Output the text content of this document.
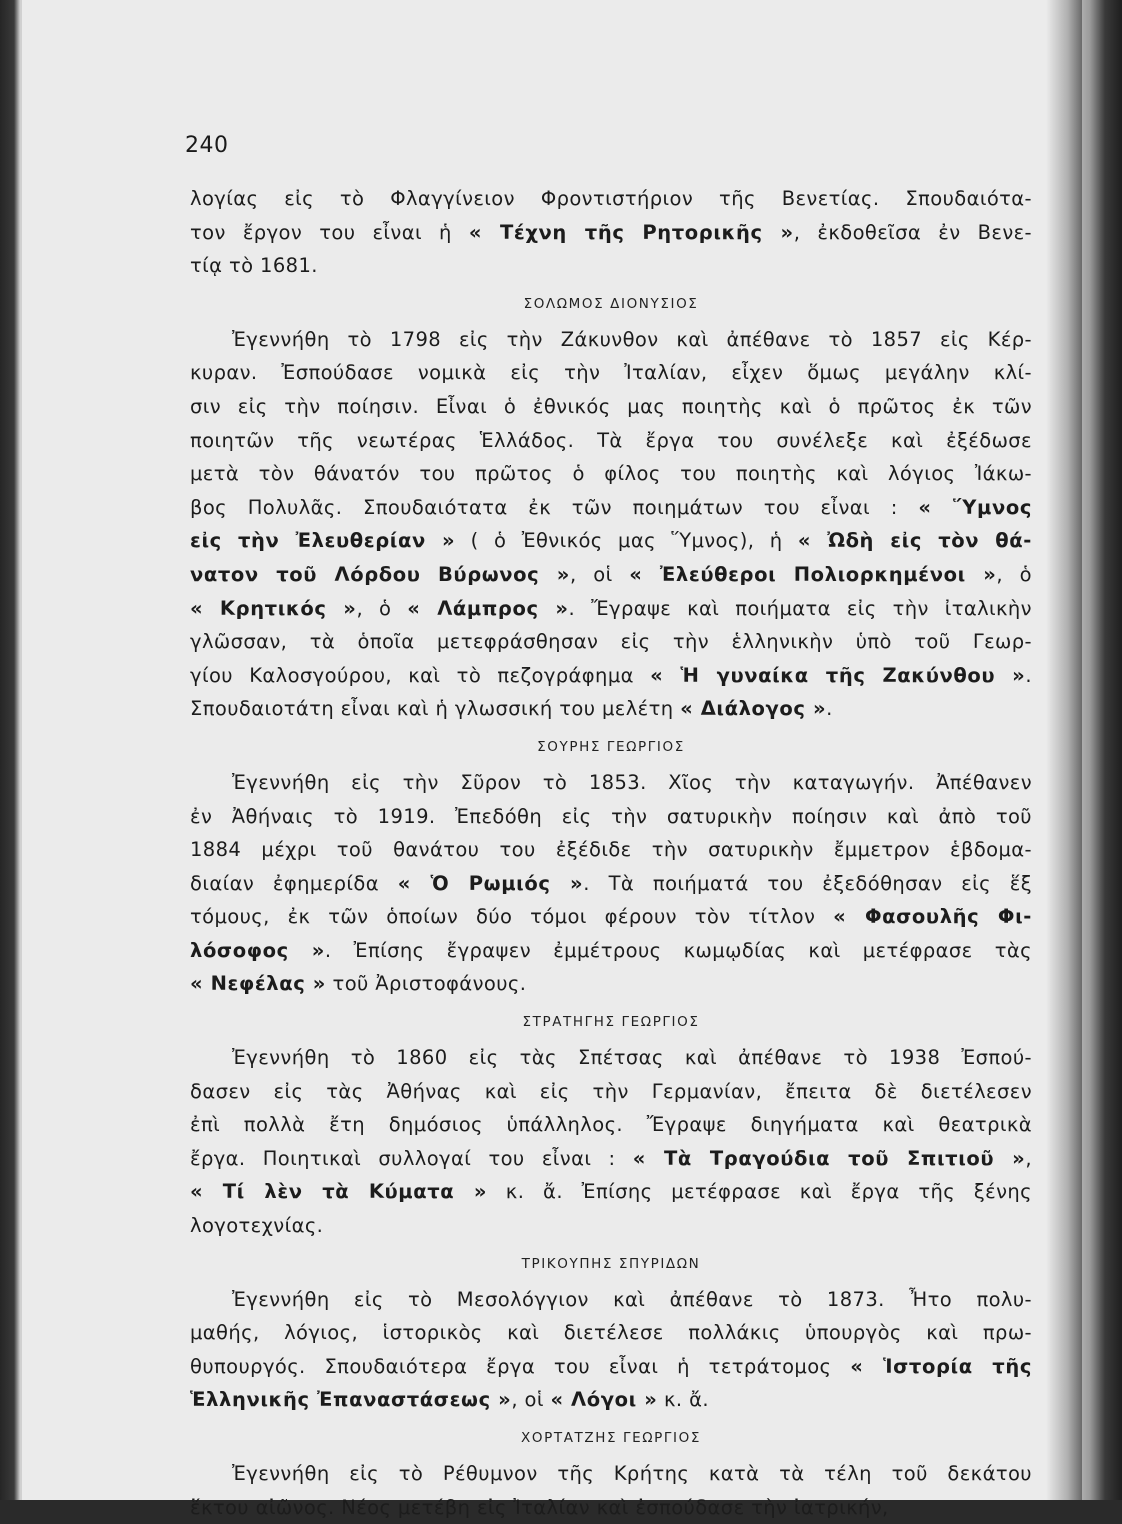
240
λογίας εἰς τὸ Φλαγγίνειον Φροντιστήριον τῆς Βενετίας. Σπουδαιότα-
τον ἔργον του εἶναι ἡ « Τέχνη τῆς Ρητορικῆς », ἐκδοθεῖσα ἐν Βενε-
τίᾳ τὸ 1681.
ΣΟΛΩΜΟΣ ΔΙΟΝΥΣΙΟΣ
Ἐγεννήθη τὸ 1798 εἰς τὴν Ζάκυνθον καὶ ἀπέθανε τὸ 1857 εἰς Κέρ-
κυραν. Ἐσπούδασε νομικὰ εἰς τὴν Ἰταλίαν, εἶχεν ὅμως μεγάλην κλί-
σιν εἰς τὴν ποίησιν. Εἶναι ὁ ἐθνικός μας ποιητὴς καὶ ὁ πρῶτος ἐκ τῶν
ποιητῶν τῆς νεωτέρας Ἑλλάδος. Τὰ ἔργα του συνέλεξε καὶ ἐξέδωσε
μετὰ τὸν θάνατόν του πρῶτος ὁ φίλος του ποιητὴς καὶ λόγιος Ἰάκω-
βος Πολυλᾶς. Σπουδαιότατα ἐκ τῶν ποιημάτων του εἶναι : « Ὕμνος
εἰς τὴν Ἐλευθερίαν » ( ὁ Ἐθνικός μας Ὕμνος), ἡ « Ὠδὴ εἰς τὸν θά-
νατον τοῦ Λόρδου Βύρωνος », οἱ « Ἐλεύθεροι Πολιορκημένοι », ὁ
« Κρητικός », ὁ « Λάμπρος ». Ἔγραψε καὶ ποιήματα εἰς τὴν ἰταλικὴν
γλῶσσαν, τὰ ὁποῖα μετεφράσθησαν εἰς τὴν ἑλληνικὴν ὑπὸ τοῦ Γεωρ-
γίου Καλοσγούρου, καὶ τὸ πεζογράφημα « Ἡ γυναίκα τῆς Ζακύνθου ».
Σπουδαιοτάτη εἶναι καὶ ἡ γλωσσική του μελέτη « Διάλογος ».
ΣΟΥΡΗΣ ΓΕΩΡΓΙΟΣ
Ἐγεννήθη εἰς τὴν Σῦρον τὸ 1853. Χῖος τὴν καταγωγήν. Ἀπέθανεν
ἐν Ἀθήναις τὸ 1919. Ἐπεδόθη εἰς τὴν σατυρικὴν ποίησιν καὶ ἀπὸ τοῦ
1884 μέχρι τοῦ θανάτου του ἐξέδιδε τὴν σατυρικὴν ἔμμετρον ἑβδομα-
διαίαν ἐφημερίδα « Ὁ Ρωμιός ». Τὰ ποιήματά του ἐξεδόθησαν εἰς ἕξ
τόμους, ἐκ τῶν ὁποίων δύο τόμοι φέρουν τὸν τίτλον « Φασουλῆς Φι-
λόσοφος ». Ἐπίσης ἔγραψεν ἐμμέτρους κωμῳδίας καὶ μετέφρασε τὰς
« Νεφέλας » τοῦ Ἀριστοφάνους.
ΣΤΡΑΤΗΓΗΣ ΓΕΩΡΓΙΟΣ
Ἐγεννήθη τὸ 1860 εἰς τὰς Σπέτσας καὶ ἀπέθανε τὸ 1938 Ἐσπού-
δασεν εἰς τὰς Ἀθήνας καὶ εἰς τὴν Γερμανίαν, ἔπειτα δὲ διετέλεσεν
ἐπὶ πολλὰ ἔτη δημόσιος ὑπάλληλος. Ἔγραψε διηγήματα καὶ θεατρικὰ
ἔργα. Ποιητικαὶ συλλογαί του εἶναι : « Τὰ Τραγούδια τοῦ Σπιτιοῦ »,
« Τί λὲν τὰ Κύματα » κ. ἄ. Ἐπίσης μετέφρασε καὶ ἔργα τῆς ξένης
λογοτεχνίας.
ΤΡΙΚΟΥΠΗΣ ΣΠΥΡΙΔΩΝ
Ἐγεννήθη εἰς τὸ Μεσολόγγιον καὶ ἀπέθανε τὸ 1873. Ἦτο πολυ-
μαθής, λόγιος, ἱστορικὸς καὶ διετέλεσε πολλάκις ὑπουργὸς καὶ πρω-
θυπουργός. Σπουδαιότερα ἔργα του εἶναι ἡ τετράτομος « Ἱστορία τῆς
Ἑλληνικῆς Ἐπαναστάσεως », οἱ « Λόγοι » κ. ἄ.
ΧΟΡΤΑΤΖΗΣ ΓΕΩΡΓΙΟΣ
Ἐγεννήθη εἰς τὸ Ρέθυμνον τῆς Κρήτης κατὰ τὰ τέλη τοῦ δεκάτου
ἕκτου αἰῶνος. Νέος μετέβη εἰς Ἰταλίαν καὶ ἐσπούδασε τὴν ἰατρικήν,
